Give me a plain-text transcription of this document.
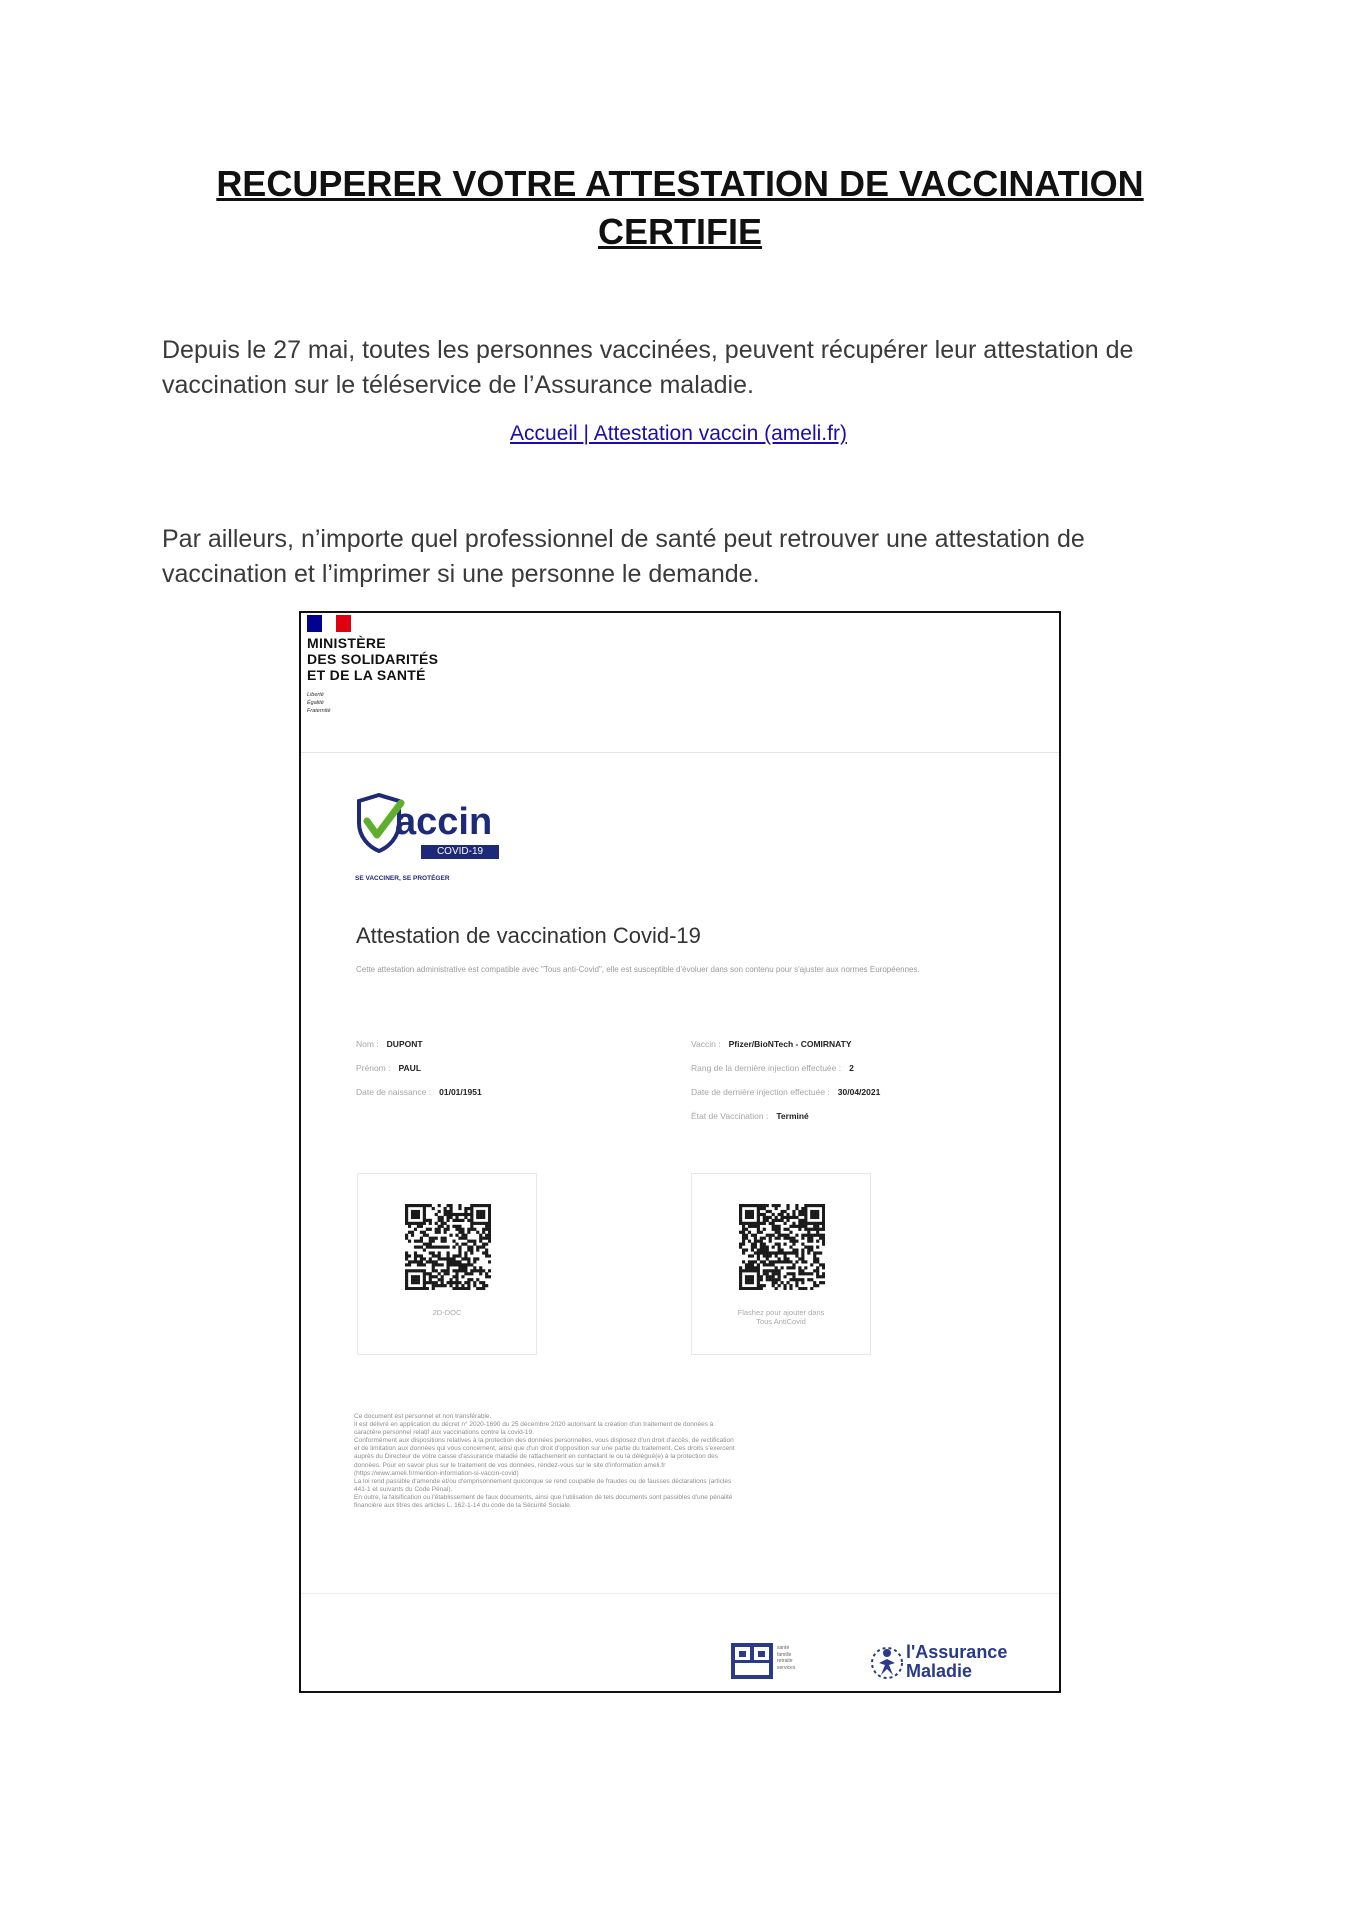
RECUPERER VOTRE ATTESTATION DE VACCINATION CERTIFIE
Depuis le 27 mai, toutes les personnes vaccinées, peuvent récupérer leur attestation de vaccination sur le téléservice de l’Assurance maladie.
Accueil | Attestation vaccin (ameli.fr)
Par ailleurs, n’importe quel professionnel de santé peut retrouver une attestation de vaccination et l’imprimer si une personne le demande.
MINISTÈRE
DES SOLIDARITÉS
ET DE LA SANTÉ
Liberté
Égalité
Fraternité
accin
COVID-19
SE VACCINER, SE PROTÉGER
Attestation de vaccination Covid-19
Cette attestation administrative est compatible avec "Tous anti-Covid", elle est susceptible d'évoluer dans son contenu pour s'ajuster aux normes Européennes.
Nom : DUPONT
Prénom : PAUL
Date de naissance : 01/01/1951
Vaccin : Pfizer/BioNTech - COMIRNATY
Rang de la dernière injection effectuée : 2
Date de dernière injection effectuée : 30/04/2021
État de Vaccination : Terminé
2D-DOC	Flashez pour ajouter dans Tous AntiCovid
Ce document est personnel et non transférable.
Il est délivré en application du décret n° 2020-1690 du 25 décembre 2020 autorisant la création d'un traitement de données à
caractère personnel relatif aux vaccinations contre la covid-19.
Conformément aux dispositions relatives à la protection des données personnelles, vous disposez d'un droit d'accès, de rectification
et de limitation aux données qui vous concernent, ainsi que d'un droit d'opposition sur une partie du traitement. Ces droits s'exercent
auprès du Directeur de votre caisse d'assurance maladie de rattachement en contactant le ou la délégué(e) à la protection des
données. Pour en savoir plus sur le traitement de vos données, rendez-vous sur le site d'information ameli.fr
(https://www.ameli.fr/mention-information-si-vaccin-covid)
La loi rend passible d'amende et/ou d'emprisonnement quiconque se rend coupable de fraudes ou de fausses déclarations (articles
441-1 et suivants du Code Pénal).
En outre, la falsification ou l'établissement de faux documents, ainsi que l'utilisation de tels documents sont passibles d'une pénalité
financière aux titres des articles L. 162-1-14 du code de la Sécurité Sociale.
santé
famille
retraite
services
l'Assurance
Maladie
